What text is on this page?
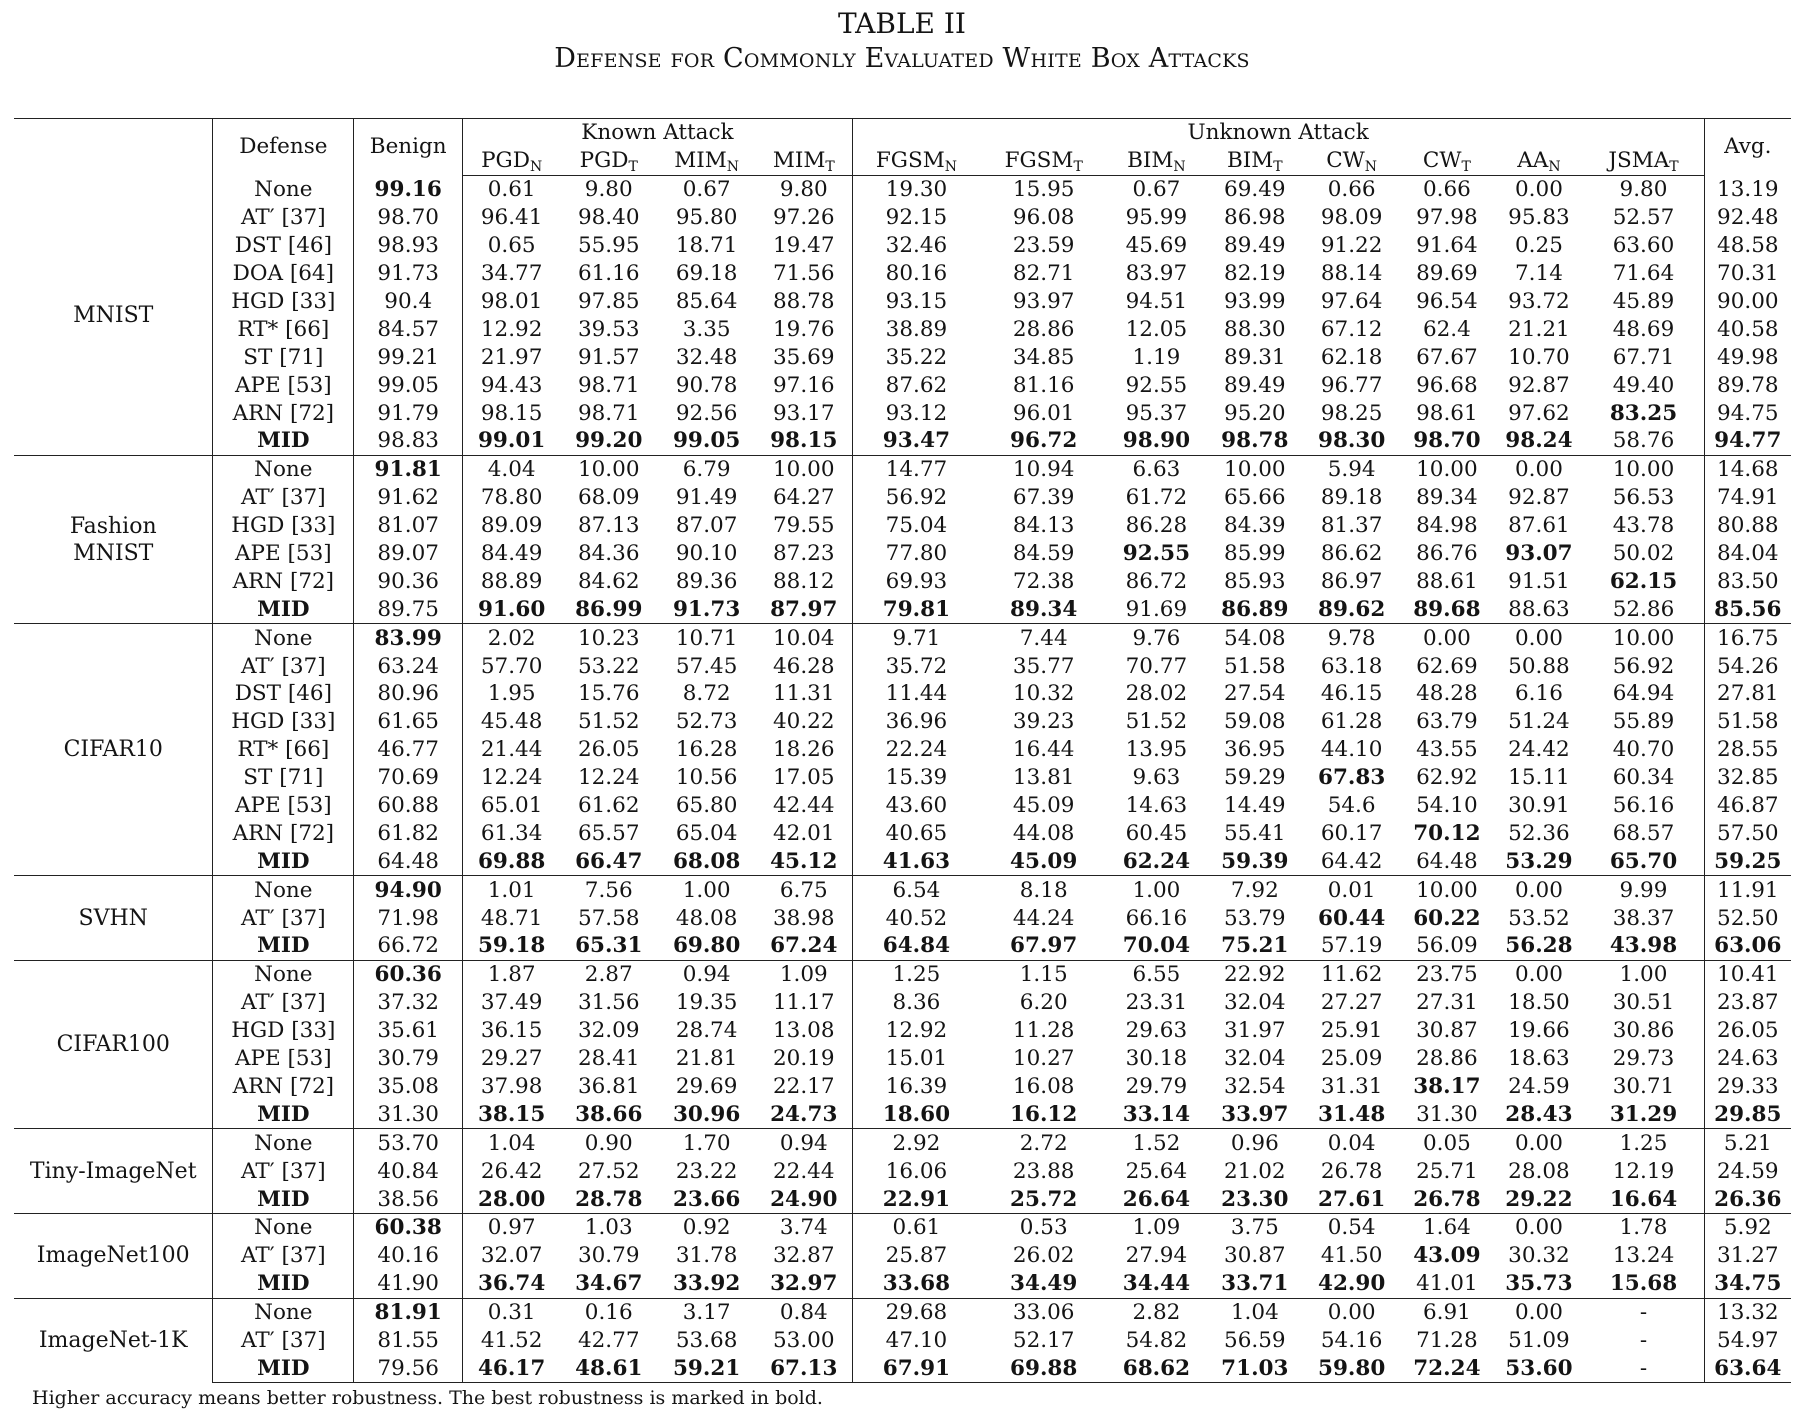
TABLE II
Defense for Commonly Evaluated White Box Attacks
	Defense	Benign	Known Attack				Unknown Attack								Avg.
			$PGD_N$	$PGD_T$	$MIM_N$	$MIM_T$	$FGSM_N$	$FGSM_T$	$BIM_N$	$BIM_T$	$CW_N$	$CW_T$	$AA_N$	$JSMA_T$

MNIST	None	99.16	0.61	9.80	0.67	9.80	19.30	15.95	0.67	69.49	0.66	0.66	0.00	9.80	13.19
	AT′ [37]	98.70	96.41	98.40	95.80	97.26	92.15	96.08	95.99	86.98	98.09	97.98	95.83	52.57	92.48
	DST [46]	98.93	0.65	55.95	18.71	19.47	32.46	23.59	45.69	89.49	91.22	91.64	0.25	63.60	48.58
	DOA [64]	91.73	34.77	61.16	69.18	71.56	80.16	82.71	83.97	82.19	88.14	89.69	7.14	71.64	70.31
	HGD [33]	90.4	98.01	97.85	85.64	88.78	93.15	93.97	94.51	93.99	97.64	96.54	93.72	45.89	90.00
	RT* [66]	84.57	12.92	39.53	3.35	19.76	38.89	28.86	12.05	88.30	67.12	62.4	21.21	48.69	40.58
	ST [71]	99.21	21.97	91.57	32.48	35.69	35.22	34.85	1.19	89.31	62.18	67.67	10.70	67.71	49.98
	APE [53]	99.05	94.43	98.71	90.78	97.16	87.62	81.16	92.55	89.49	96.77	96.68	92.87	49.40	89.78
	ARN [72]	91.79	98.15	98.71	92.56	93.17	93.12	96.01	95.37	95.20	98.25	98.61	97.62	83.25	94.75
	MID	98.83	99.01	99.20	99.05	98.15	93.47	96.72	98.90	98.78	98.30	98.70	98.24	58.76	94.77

Fashion
MNIST	None	91.81	4.04	10.00	6.79	10.00	14.77	10.94	6.63	10.00	5.94	10.00	0.00	10.00	14.68
	AT′ [37]	91.62	78.80	68.09	91.49	64.27	56.92	67.39	61.72	65.66	89.18	89.34	92.87	56.53	74.91
	HGD [33]	81.07	89.09	87.13	87.07	79.55	75.04	84.13	86.28	84.39	81.37	84.98	87.61	43.78	80.88
	APE [53]	89.07	84.49	84.36	90.10	87.23	77.80	84.59	92.55	85.99	86.62	86.76	93.07	50.02	84.04
	ARN [72]	90.36	88.89	84.62	89.36	88.12	69.93	72.38	86.72	85.93	86.97	88.61	91.51	62.15	83.50
	MID	89.75	91.60	86.99	91.73	87.97	79.81	89.34	91.69	86.89	89.62	89.68	88.63	52.86	85.56

CIFAR10	None	83.99	2.02	10.23	10.71	10.04	9.71	7.44	9.76	54.08	9.78	0.00	0.00	10.00	16.75
	AT′ [37]	63.24	57.70	53.22	57.45	46.28	35.72	35.77	70.77	51.58	63.18	62.69	50.88	56.92	54.26
	DST [46]	80.96	1.95	15.76	8.72	11.31	11.44	10.32	28.02	27.54	46.15	48.28	6.16	64.94	27.81
	HGD [33]	61.65	45.48	51.52	52.73	40.22	36.96	39.23	51.52	59.08	61.28	63.79	51.24	55.89	51.58
	RT* [66]	46.77	21.44	26.05	16.28	18.26	22.24	16.44	13.95	36.95	44.10	43.55	24.42	40.70	28.55
	ST [71]	70.69	12.24	12.24	10.56	17.05	15.39	13.81	9.63	59.29	67.83	62.92	15.11	60.34	32.85
	APE [53]	60.88	65.01	61.62	65.80	42.44	43.60	45.09	14.63	14.49	54.6	54.10	30.91	56.16	46.87
	ARN [72]	61.82	61.34	65.57	65.04	42.01	40.65	44.08	60.45	55.41	60.17	70.12	52.36	68.57	57.50
	MID	64.48	69.88	66.47	68.08	45.12	41.63	45.09	62.24	59.39	64.42	64.48	53.29	65.70	59.25

SVHN	None	94.90	1.01	7.56	1.00	6.75	6.54	8.18	1.00	7.92	0.01	10.00	0.00	9.99	11.91
	AT′ [37]	71.98	48.71	57.58	48.08	38.98	40.52	44.24	66.16	53.79	60.44	60.22	53.52	38.37	52.50
	MID	66.72	59.18	65.31	69.80	67.24	64.84	67.97	70.04	75.21	57.19	56.09	56.28	43.98	63.06

CIFAR100	None	60.36	1.87	2.87	0.94	1.09	1.25	1.15	6.55	22.92	11.62	23.75	0.00	1.00	10.41
	AT′ [37]	37.32	37.49	31.56	19.35	11.17	8.36	6.20	23.31	32.04	27.27	27.31	18.50	30.51	23.87
	HGD [33]	35.61	36.15	32.09	28.74	13.08	12.92	11.28	29.63	31.97	25.91	30.87	19.66	30.86	26.05
	APE [53]	30.79	29.27	28.41	21.81	20.19	15.01	10.27	30.18	32.04	25.09	28.86	18.63	29.73	24.63
	ARN [72]	35.08	37.98	36.81	29.69	22.17	16.39	16.08	29.79	32.54	31.31	38.17	24.59	30.71	29.33
	MID	31.30	38.15	38.66	30.96	24.73	18.60	16.12	33.14	33.97	31.48	31.30	28.43	31.29	29.85

Tiny-ImageNet	None	53.70	1.04	0.90	1.70	0.94	2.92	2.72	1.52	0.96	0.04	0.05	0.00	1.25	5.21
	AT′ [37]	40.84	26.42	27.52	23.22	22.44	16.06	23.88	25.64	21.02	26.78	25.71	28.08	12.19	24.59
	MID	38.56	28.00	28.78	23.66	24.90	22.91	25.72	26.64	23.30	27.61	26.78	29.22	16.64	26.36

ImageNet100	None	60.38	0.97	1.03	0.92	3.74	0.61	0.53	1.09	3.75	0.54	1.64	0.00	1.78	5.92
	AT′ [37]	40.16	32.07	30.79	31.78	32.87	25.87	26.02	27.94	30.87	41.50	43.09	30.32	13.24	31.27
	MID	41.90	36.74	34.67	33.92	32.97	33.68	34.49	34.44	33.71	42.90	41.01	35.73	15.68	34.75

ImageNet-1K	None	81.91	0.31	0.16	3.17	0.84	29.68	33.06	2.82	1.04	0.00	6.91	0.00	-	13.32
	AT′ [37]	81.55	41.52	42.77	53.68	53.00	47.10	52.17	54.82	56.59	54.16	71.28	51.09	-	54.97
	MID	79.56	46.17	48.61	59.21	67.13	67.91	69.88	68.62	71.03	59.80	72.24	53.60	-	63.64
Higher accuracy means better robustness. The best robustness is marked in bold.
